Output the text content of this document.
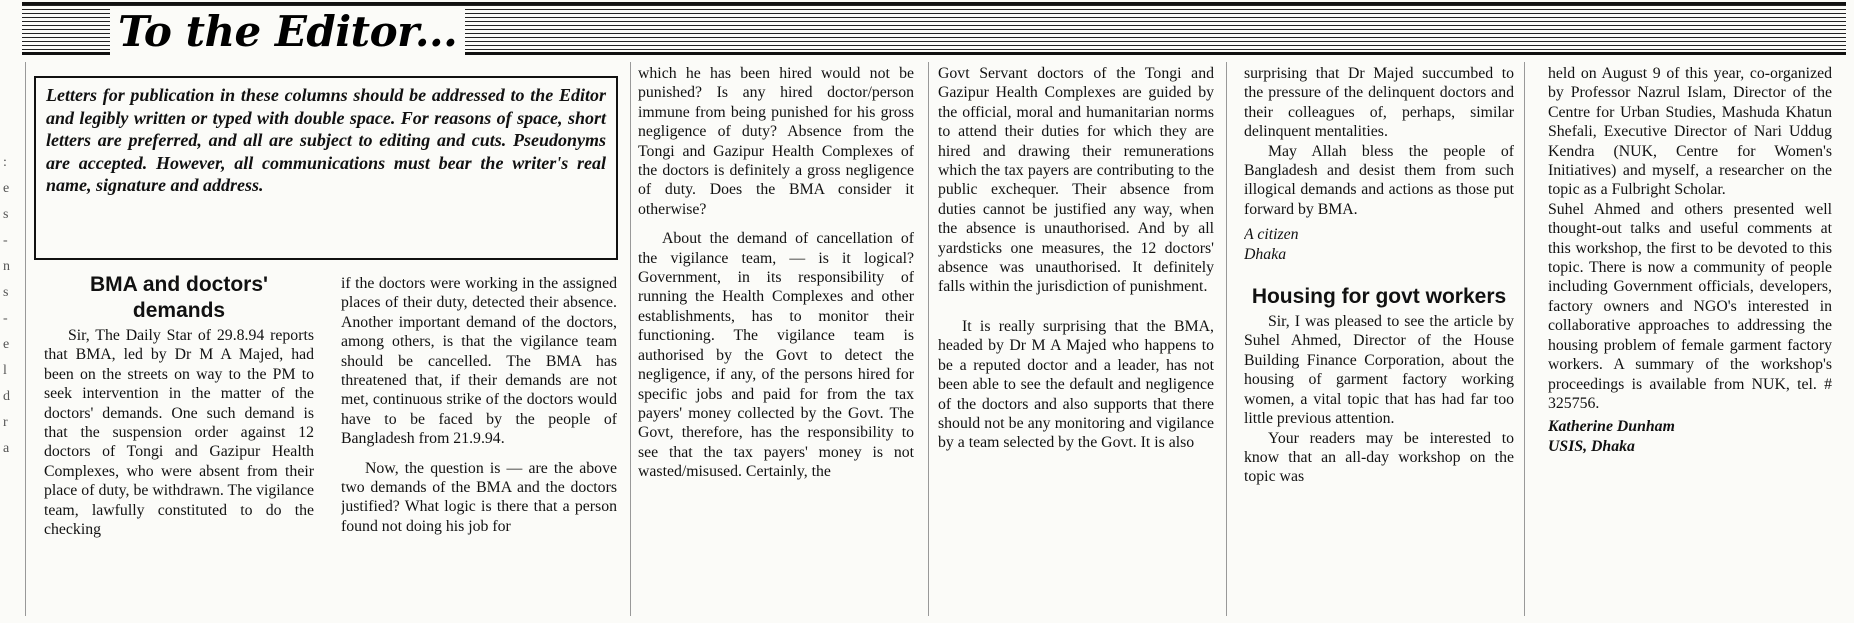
:
e
s
-
n
s
-
e
l
d
r
a
To the Editor...
Letters for publication in these columns should be addressed to the Editor and legibly written or typed with double space. For reasons of space, short letters are preferred, and all are subject to editing and cuts. Pseudonyms are accepted. However, all communications must bear the writer's real name, signature and address.
BMA and doctors' demands

Sir, The Daily Star of 29.8.94 reports that BMA, led by Dr M A Majed, had been on the streets on way to the PM to seek intervention in the matter of the doctors' demands. One such demand is that the suspension order against 12 doctors of Tongi and Gazipur Health Complexes, who were absent from their place of duty, be withdrawn. The vigilance team, lawfully constituted to do the checking

if the doctors were working in the assigned places of their duty, detected their absence. Another important demand of the doctors, among others, is that the vigilance team should be cancelled. The BMA has threatened that, if their demands are not met, continuous strike of the doctors would have to be faced by the people of Bangladesh from 21.9.94.

Now, the question is — are the above two demands of the BMA and the doctors justified? What logic is there that a person found not doing his job for

which he has been hired would not be punished? Is any hired doctor/person immune from being punished for his gross negligence of duty? Absence from the Tongi and Gazipur Health Complexes of the doctors is definitely a gross negligence of duty. Does the BMA consider it otherwise?

About the demand of cancellation of the vigilance team, — is it logical? Government, in its responsibility of running the Health Complexes and other establishments, has to monitor their functioning. The vigilance team is authorised by the Govt to detect the negligence, if any, of the persons hired for specific jobs and paid for from the tax payers' money collected by the Govt. The Govt, therefore, has the responsibility to see that the tax payers' money is not wasted/misused. Certainly, the

Govt Servant doctors of the Tongi and Gazipur Health Complexes are guided by the official, moral and humanitarian norms to attend their duties for which they are hired and drawing their remunerations which the tax payers are contributing to the public exchequer. Their absence from duties cannot be justified any way, when the absence is unauthorised. And by all yardsticks one measures, the 12 doctors' absence was unauthorised. It definitely falls within the jurisdiction of punishment.

It is really surprising that the BMA, headed by Dr M A Majed who happens to be a reputed doctor and a leader, has not been able to see the default and negligence of the doctors and also supports that there should not be any monitoring and vigilance by a team selected by the Govt. It is also

surprising that Dr Majed succumbed to the pressure of the delinquent doctors and their colleagues of, perhaps, similar delinquent mentalities.

May Allah bless the people of Bangladesh and desist them from such illogical demands and actions as those put forward by BMA.

A citizen
Dhaka
Housing for govt workers

Sir, I was pleased to see the article by Suhel Ahmed, Director of the House Building Finance Corporation, about the housing of garment factory working women, a vital topic that has had far too little previous attention.

Your readers may be interested to know that an all-day workshop on the topic was

held on August 9 of this year, co-organized by Professor Nazrul Islam, Director of the Centre for Urban Studies, Mashuda Khatun Shefali, Executive Director of Nari Uddug Kendra (NUK, Centre for Women's Initiatives) and myself, a researcher on the topic as a Fulbright Scholar.

Suhel Ahmed and others presented well thought-out talks and useful comments at this workshop, the first to be devoted to this topic. There is now a community of people including Government officials, developers, factory owners and NGO's interested in collaborative approaches to addressing the housing problem of female garment factory workers. A summary of the workshop's proceedings is available from NUK, tel. # 325756.

Katherine Dunham
USIS, Dhaka
